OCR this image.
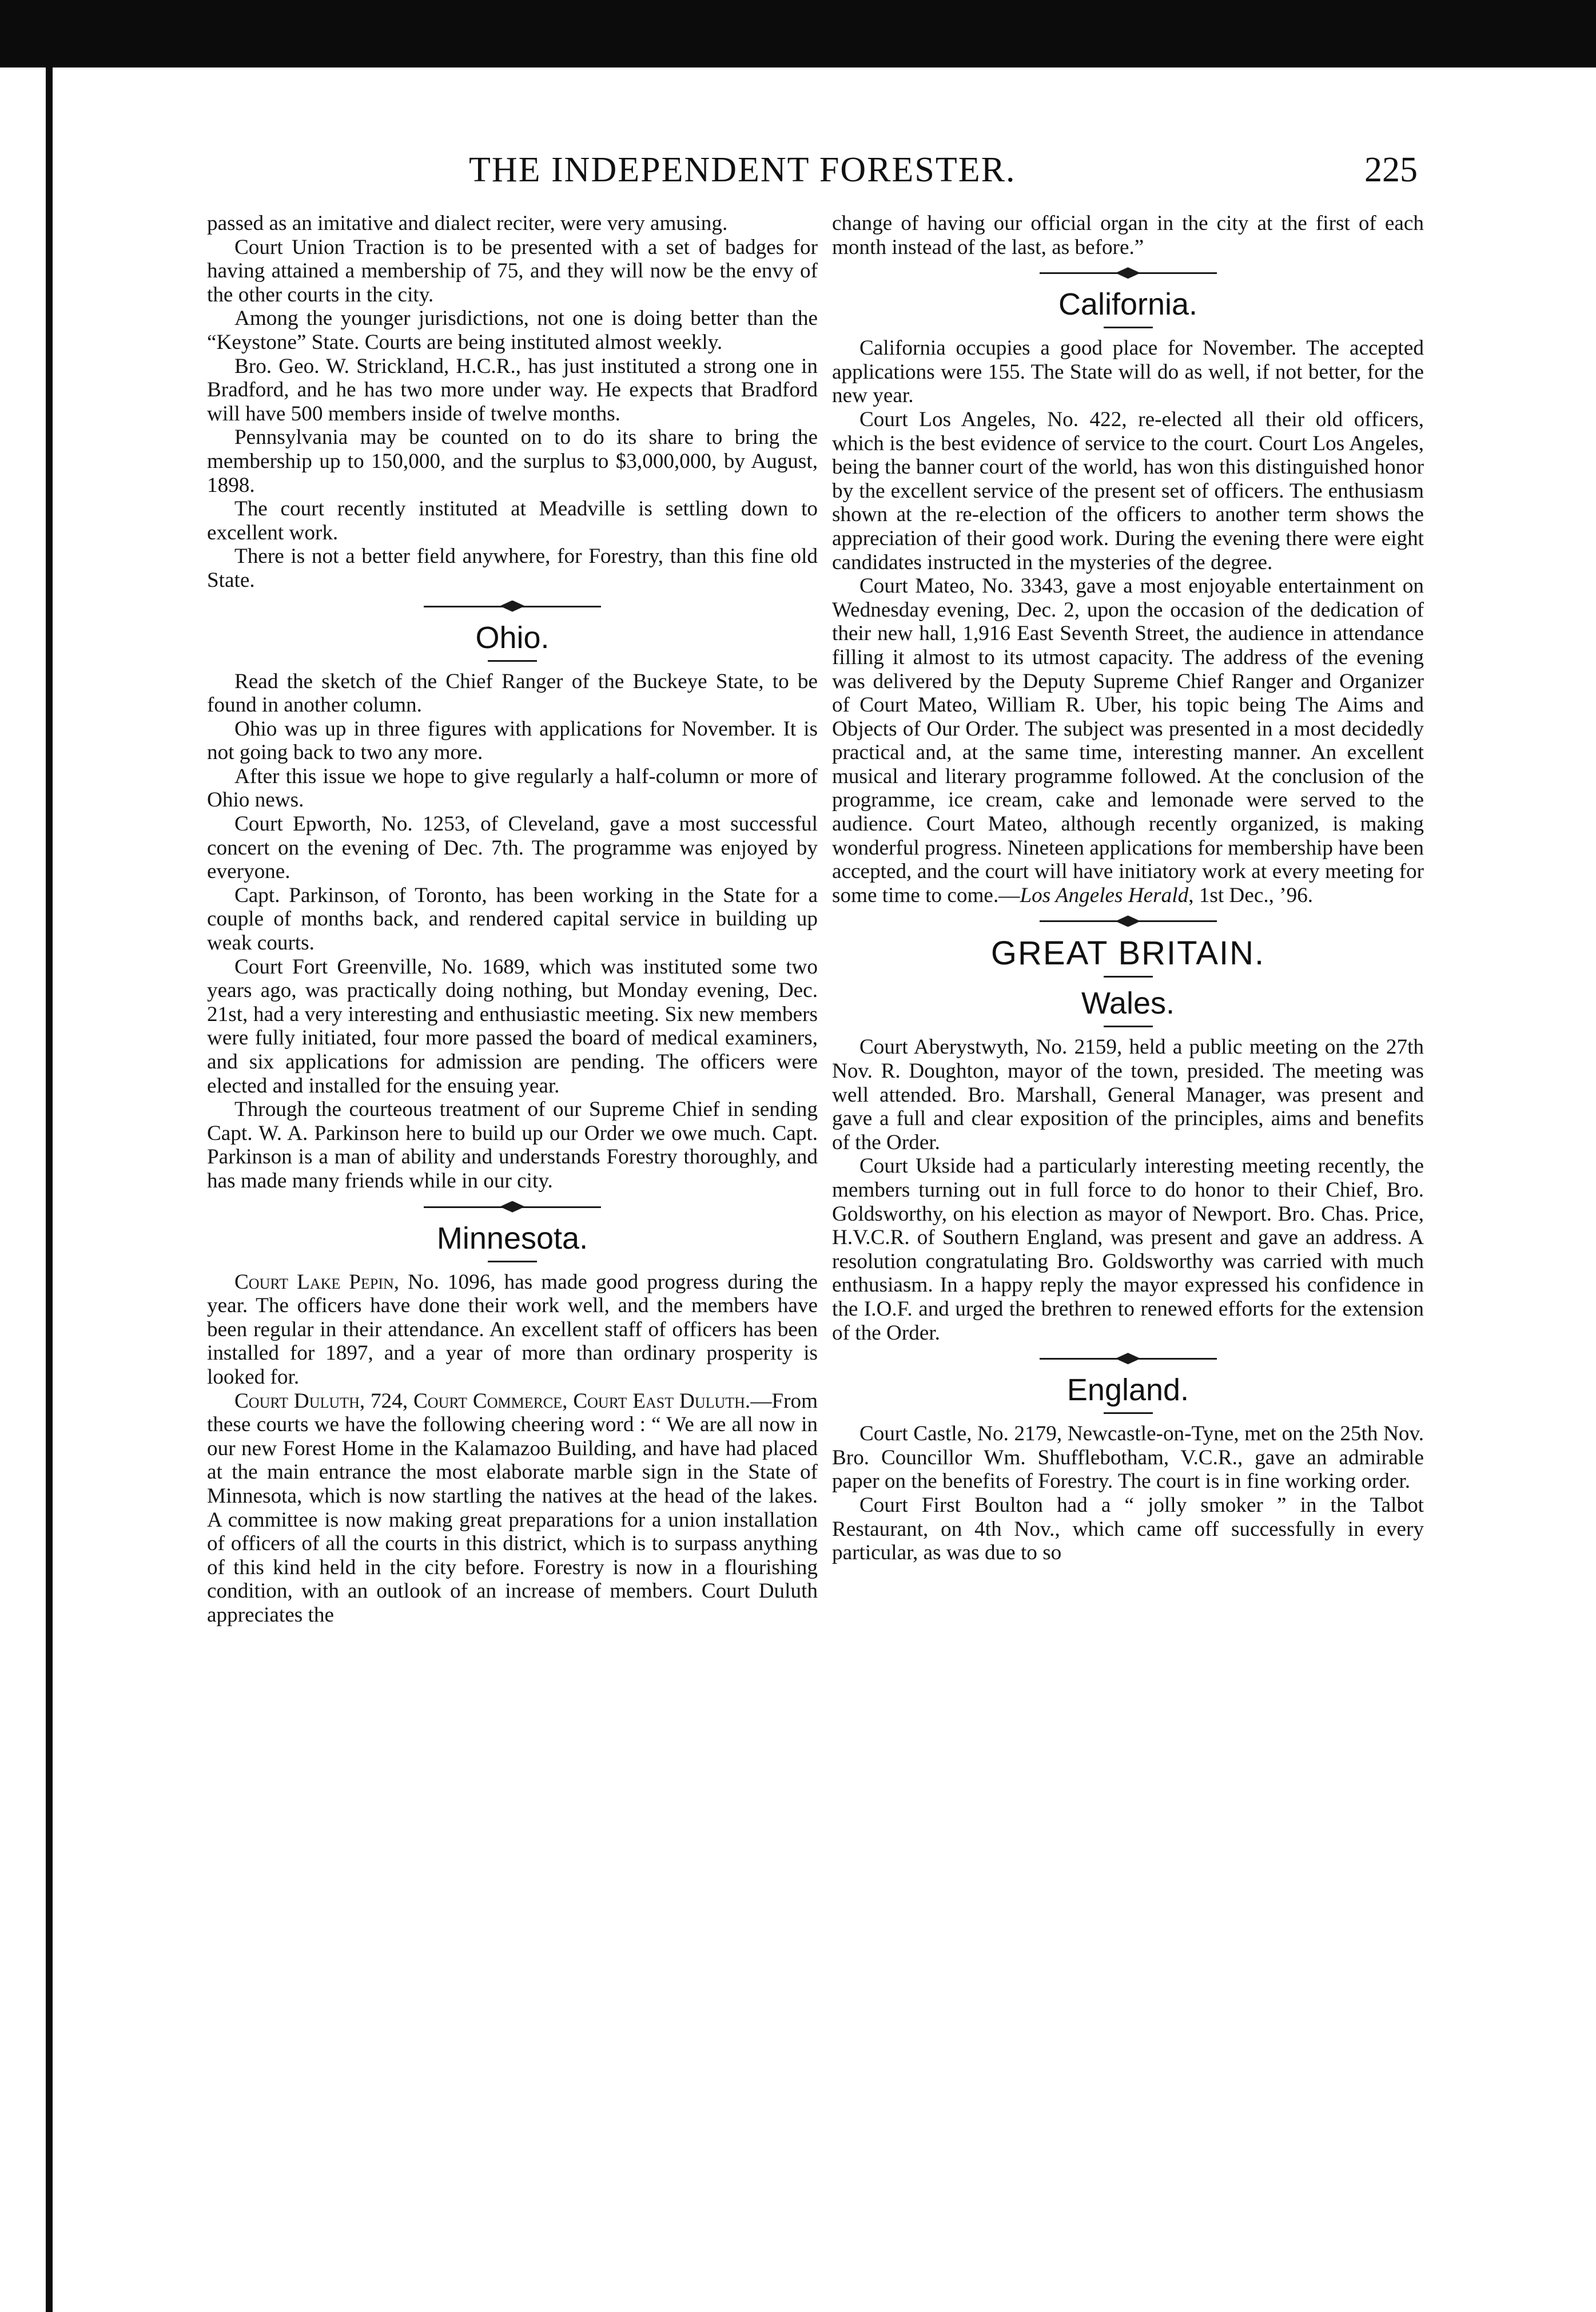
THE INDEPENDENT FORESTER.	225

passed as an imitative and dialect reciter, were very amusing.

Court Union Traction is to be presented with a set of badges for having attained a membership of 75, and they will now be the envy of the other courts in the city.

Among the younger jurisdictions, not one is doing better than the “Keystone” State. Courts are being instituted almost weekly.

Bro. Geo. W. Strickland, H.C.R., has just instituted a strong one in Bradford, and he has two more under way. He expects that Bradford will have 500 members inside of twelve months.

Pennsylvania may be counted on to do its share to bring the membership up to 150,000, and the surplus to $3,000,000, by August, 1898.

The court recently instituted at Meadville is settling down to excellent work.

There is not a better field anywhere, for Forestry, than this fine old State.

Ohio.

Read the sketch of the Chief Ranger of the Buckeye State, to be found in another column.

Ohio was up in three figures with applications for November. It is not going back to two any more.

After this issue we hope to give regularly a half-column or more of Ohio news.

Court Epworth, No. 1253, of Cleveland, gave a most successful concert on the evening of Dec. 7th. The programme was enjoyed by everyone.

Capt. Parkinson, of Toronto, has been working in the State for a couple of months back, and rendered capital service in building up weak courts.

Court Fort Greenville, No. 1689, which was instituted some two years ago, was practically doing nothing, but Monday evening, Dec. 21st, had a very interesting and enthusiastic meeting. Six new members were fully initiated, four more passed the board of medical examiners, and six applications for admission are pending. The officers were elected and installed for the ensuing year.

Through the courteous treatment of our Supreme Chief in sending Capt. W. A. Parkinson here to build up our Order we owe much. Capt. Parkinson is a man of ability and understands Forestry thoroughly, and has made many friends while in our city.

Minnesota.

Court Lake Pepin, No. 1096, has made good progress during the year. The officers have done their work well, and the members have been regular in their attendance. An excellent staff of officers has been installed for 1897, and a year of more than ordinary prosperity is looked for.

Court Duluth, 724, Court Commerce, Court East Duluth.—From these courts we have the following cheering word : “ We are all now in our new Forest Home in the Kalamazoo Building, and have had placed at the main entrance the most elaborate marble sign in the State of Minnesota, which is now startling the natives at the head of the lakes. A committee is now making great preparations for a union installation of officers of all the courts in this district, which is to surpass anything of this kind held in the city before. Forestry is now in a flourishing condition, with an outlook of an increase of members. Court Duluth appreciates the

change of having our official organ in the city at the first of each month instead of the last, as before.”

California.

California occupies a good place for November. The accepted applications were 155. The State will do as well, if not better, for the new year.

Court Los Angeles, No. 422, re-elected all their old officers, which is the best evidence of service to the court. Court Los Angeles, being the banner court of the world, has won this distinguished honor by the excellent service of the present set of officers. The enthusiasm shown at the re-election of the officers to another term shows the appreciation of their good work. During the evening there were eight candidates instructed in the mysteries of the degree.

Court Mateo, No. 3343, gave a most enjoyable entertainment on Wednesday evening, Dec. 2, upon the occasion of the dedication of their new hall, 1,916 East Seventh Street, the audience in attendance filling it almost to its utmost capacity. The address of the evening was delivered by the Deputy Supreme Chief Ranger and Organizer of Court Mateo, William R. Uber, his topic being The Aims and Objects of Our Order. The subject was presented in a most decidedly practical and, at the same time, interesting manner. An excellent musical and literary programme followed. At the conclusion of the programme, ice cream, cake and lemonade were served to the audience. Court Mateo, although recently organized, is making wonderful progress. Nineteen applications for membership have been accepted, and the court will have initiatory work at every meeting for some time to come.—Los Angeles Herald, 1st Dec., ’96.

GREAT BRITAIN.
Wales.

Court Aberystwyth, No. 2159, held a public meeting on the 27th Nov. R. Doughton, mayor of the town, presided. The meeting was well attended. Bro. Marshall, General Manager, was present and gave a full and clear exposition of the principles, aims and benefits of the Order.

Court Ukside had a particularly interesting meeting recently, the members turning out in full force to do honor to their Chief, Bro. Goldsworthy, on his election as mayor of Newport. Bro. Chas. Price, H.V.C.R. of Southern England, was present and gave an address. A resolution congratulating Bro. Goldsworthy was carried with much enthusiasm. In a happy reply the mayor expressed his confidence in the I.O.F. and urged the brethren to renewed efforts for the extension of the Order.

England.

Court Castle, No. 2179, Newcastle-on-Tyne, met on the 25th Nov. Bro. Councillor Wm. Shufflebotham, V.C.R., gave an admirable paper on the benefits of Forestry. The court is in fine working order.

Court First Boulton had a “ jolly smoker ” in the Talbot Restaurant, on 4th Nov., which came off successfully in every particular, as was due to so
